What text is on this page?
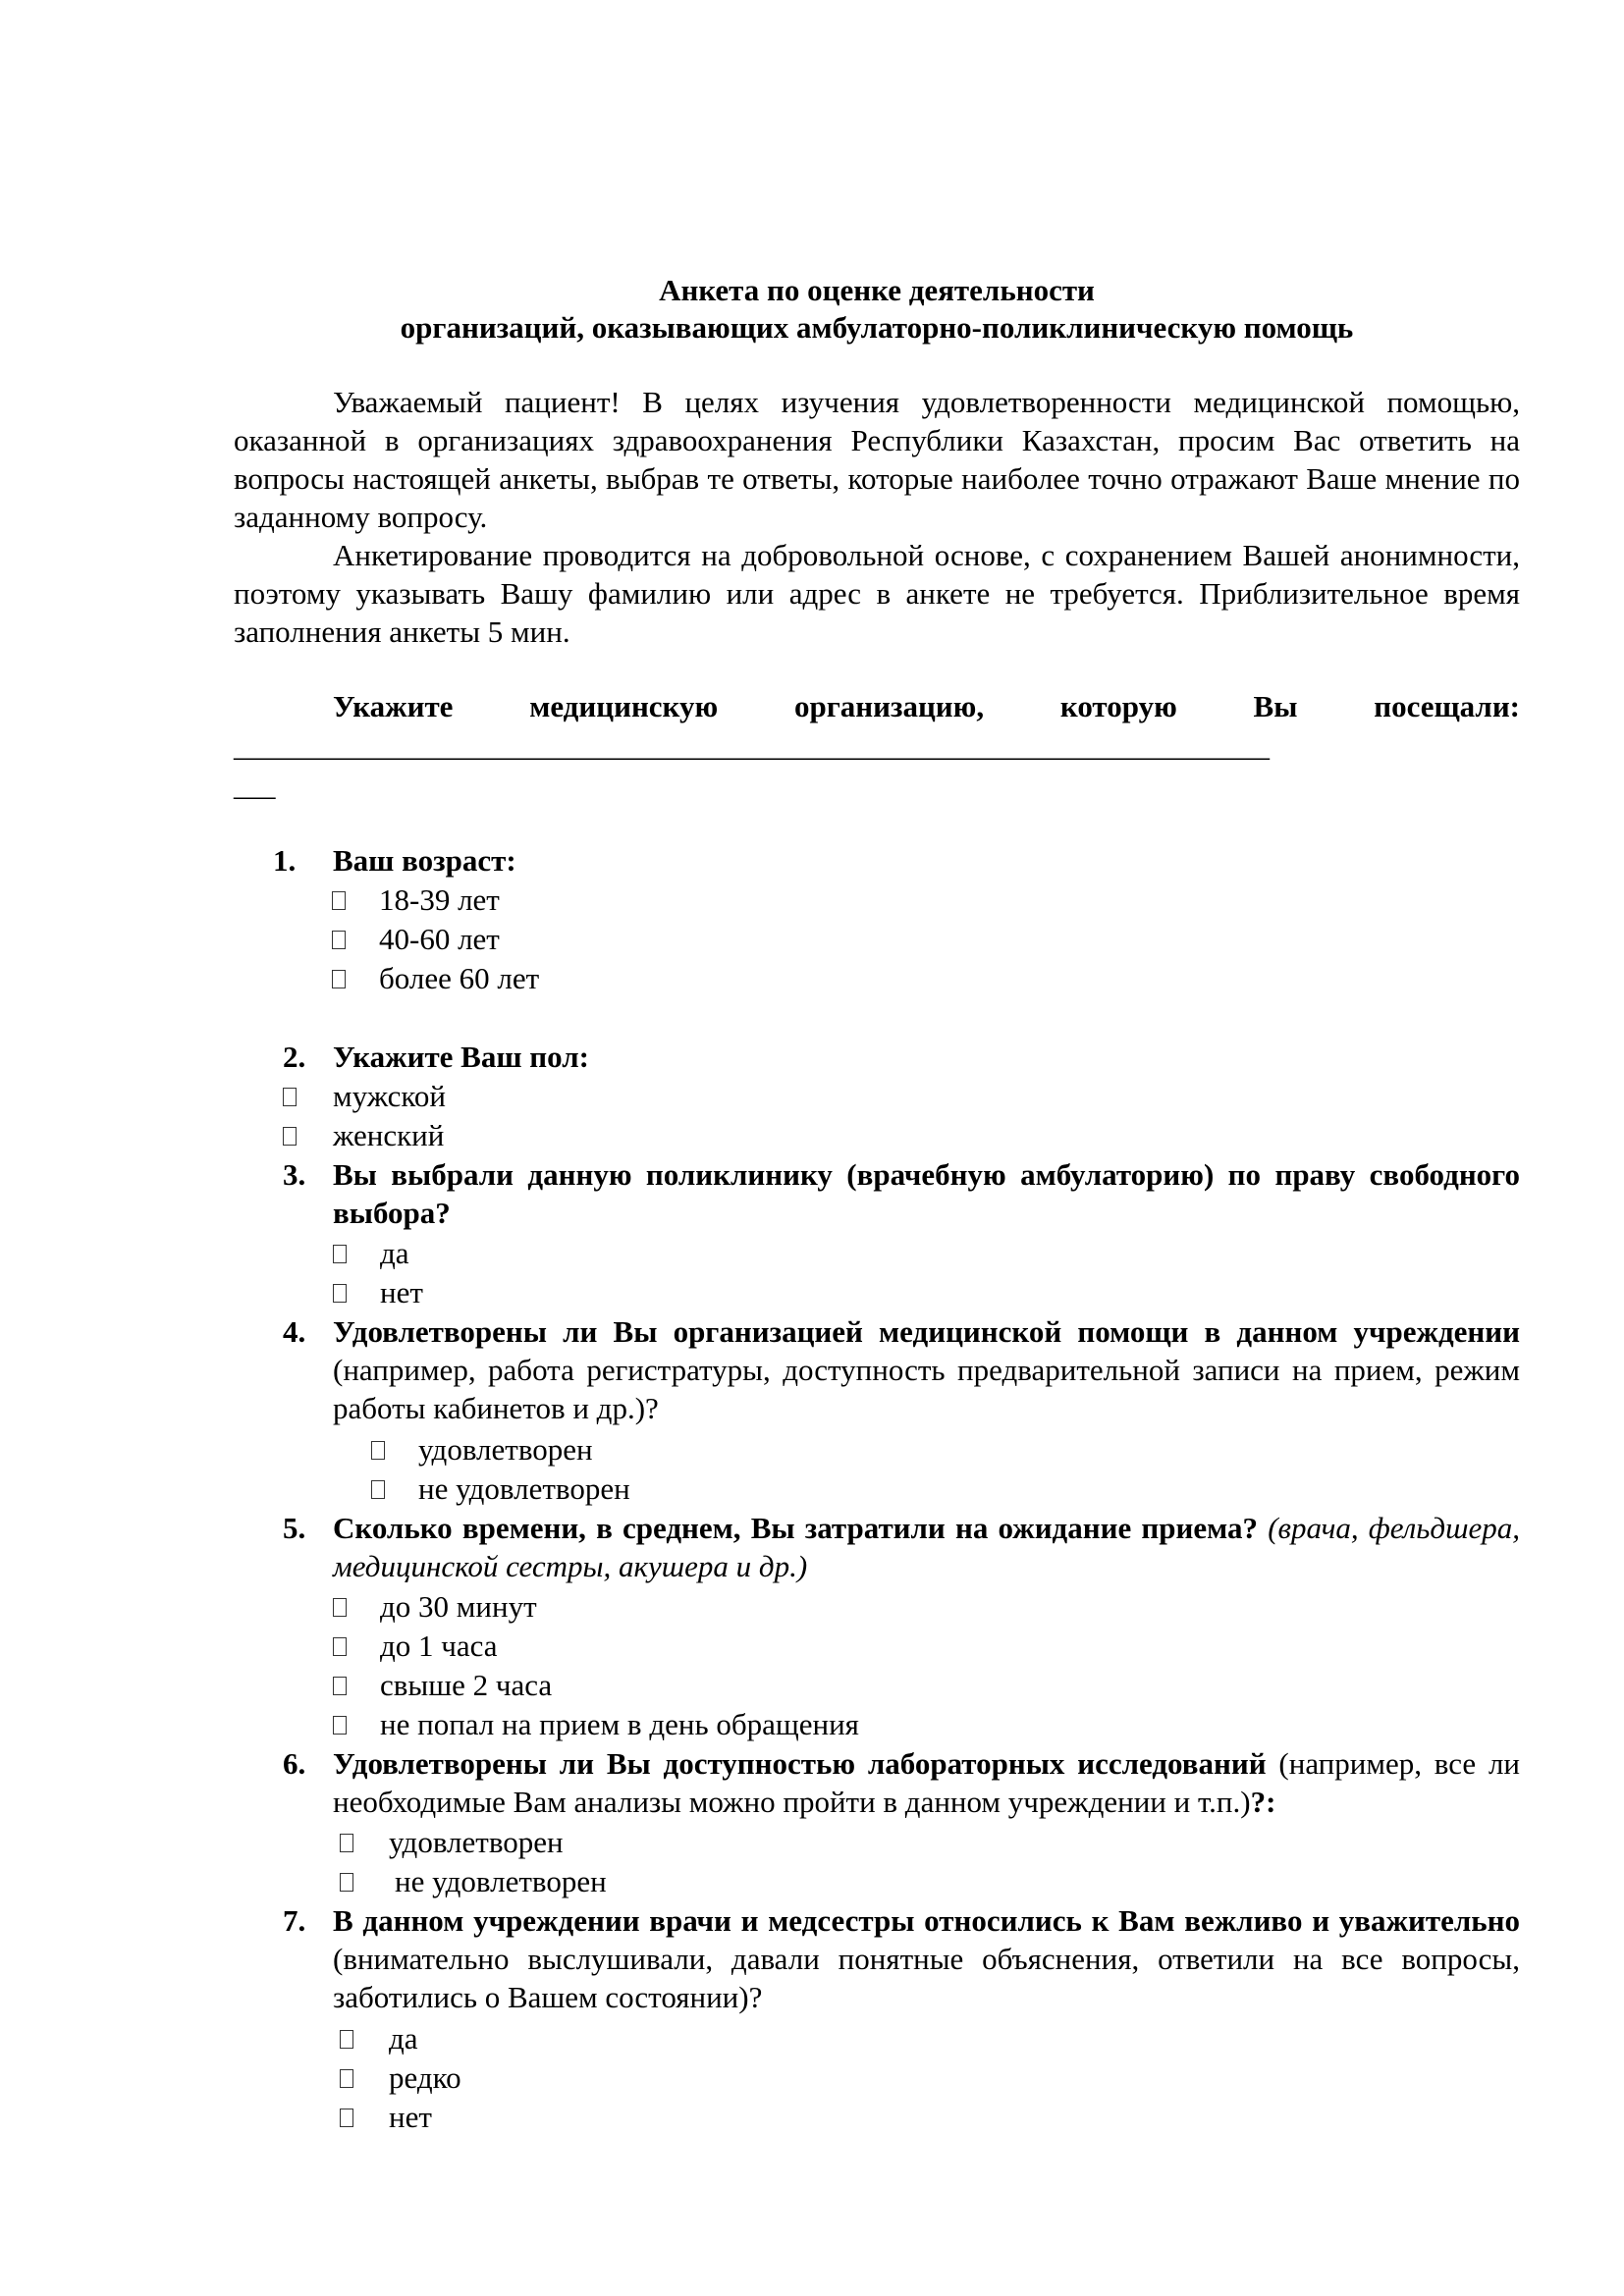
Анкета по оценке деятельности
организаций, оказывающих амбулаторно-поликлиническую помощь
Уважаемый пациент! В целях изучения удовлетворенности медицинской помощью, оказанной в организациях здравоохранения Республики Казахстан, просим Вас ответить на вопросы настоящей анкеты, выбрав те ответы, которые наиболее точно отражают Ваше мнение по заданному вопросу.
Анкетирование проводится на добровольной основе, с сохранением Вашей анонимности, поэтому указывать Вашу фамилию или адрес в анкете не требуется. Приблизительное время заполнения анкеты 5 мин.
Укажите медицинскую организацию, которую Вы посещали:
______________________________________________________________________________
___
1. Ваш возраст:
18-39 лет
40-60 лет
более 60 лет
2. Укажите Ваш пол:
мужской
женский
3. Вы выбрали данную поликлинику (врачебную амбулаторию) по праву свободного выбора?
да
нет
4. Удовлетворены ли Вы организацией медицинской помощи в данном учреждении (например, работа регистратуры, доступность предварительной записи на прием, режим работы кабинетов и др.)?
удовлетворен
не удовлетворен
5. Сколько времени, в среднем, Вы затратили на ожидание приема? (врача, фельдшера, медицинской сестры, акушера и др.)
до 30 минут
до 1 часа
свыше 2 часа
не попал на прием в день обращения
6. Удовлетворены ли Вы доступностью лабораторных исследований (например, все ли необходимые Вам анализы можно пройти в данном учреждении и т.п.)?:
удовлетворен
не удовлетворен
7. В данном учреждении врачи и медсестры относились к Вам вежливо и уважительно (внимательно выслушивали, давали понятные объяснения, ответили на все вопросы, заботились о Вашем состоянии)?
да
редко
нет
